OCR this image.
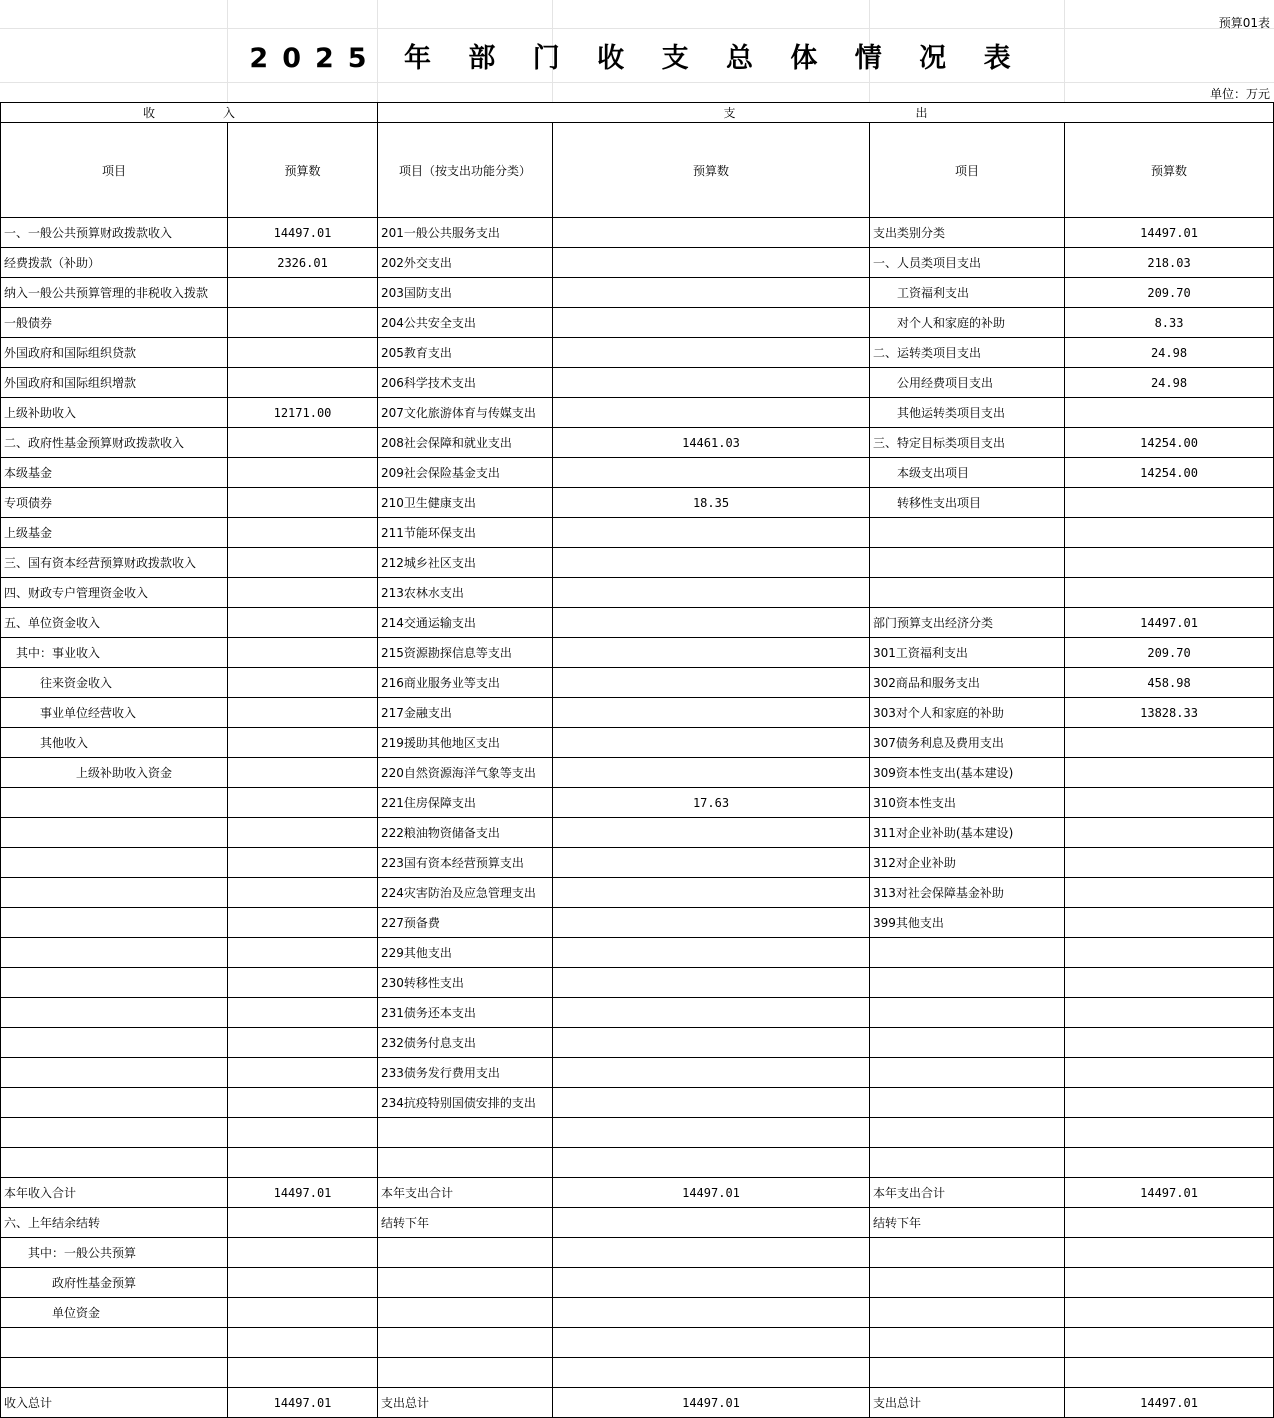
预算01表
2025 年 部 门 收 支 总 体 情 况 表
单位：万元
收入		支出			
项目	预算数	项目（按支出功能分类）	预算数	项目	预算数
一、一般公共预算财政拨款收入	14497.01	201一般公共服务支出		支出类别分类	14497.01
经费拨款（补助）	2326.01	202外交支出		一、人员类项目支出	218.03
纳入一般公共预算管理的非税收入拨款		203国防支出		　　工资福利支出	209.70
一般债券		204公共安全支出		　　对个人和家庭的补助	8.33
外国政府和国际组织贷款		205教育支出		二、运转类项目支出	24.98
外国政府和国际组织增款		206科学技术支出		　　公用经费项目支出	24.98
上级补助收入	12171.00	207文化旅游体育与传媒支出		　　其他运转类项目支出	
二、政府性基金预算财政拨款收入		208社会保障和就业支出	14461.03	三、特定目标类项目支出	14254.00
本级基金		209社会保险基金支出		　　本级支出项目	14254.00
专项债券		210卫生健康支出	18.35	　　转移性支出项目	
上级基金		211节能环保支出			
三、国有资本经营预算财政拨款收入		212城乡社区支出			
四、财政专户管理资金收入		213农林水支出			
五、单位资金收入		214交通运输支出		部门预算支出经济分类	14497.01
　其中：事业收入		215资源勘探信息等支出		301工资福利支出	209.70
　　　往来资金收入		216商业服务业等支出		302商品和服务支出	458.98
　　　事业单位经营收入		217金融支出		303对个人和家庭的补助	13828.33
　　　其他收入		219援助其他地区支出		307债务利息及费用支出	
　　　　　　上级补助收入资金		220自然资源海洋气象等支出		309资本性支出(基本建设)	
		221住房保障支出	17.63	310资本性支出	
		222粮油物资储备支出		311对企业补助(基本建设)	
		223国有资本经营预算支出		312对企业补助	
		224灾害防治及应急管理支出		313对社会保障基金补助	
		227预备费		399其他支出	
		229其他支出			
		230转移性支出			
		231债务还本支出			
		232债务付息支出			
		233债务发行费用支出			
		234抗疫特别国债安排的支出			

本年收入合计	14497.01	本年支出合计	14497.01	本年支出合计	14497.01
六、上年结余结转		结转下年		结转下年	
　　其中：一般公共预算					
　　　　政府性基金预算					
　　　　单位资金					

收入总计	14497.01	支出总计	14497.01	支出总计	14497.01
